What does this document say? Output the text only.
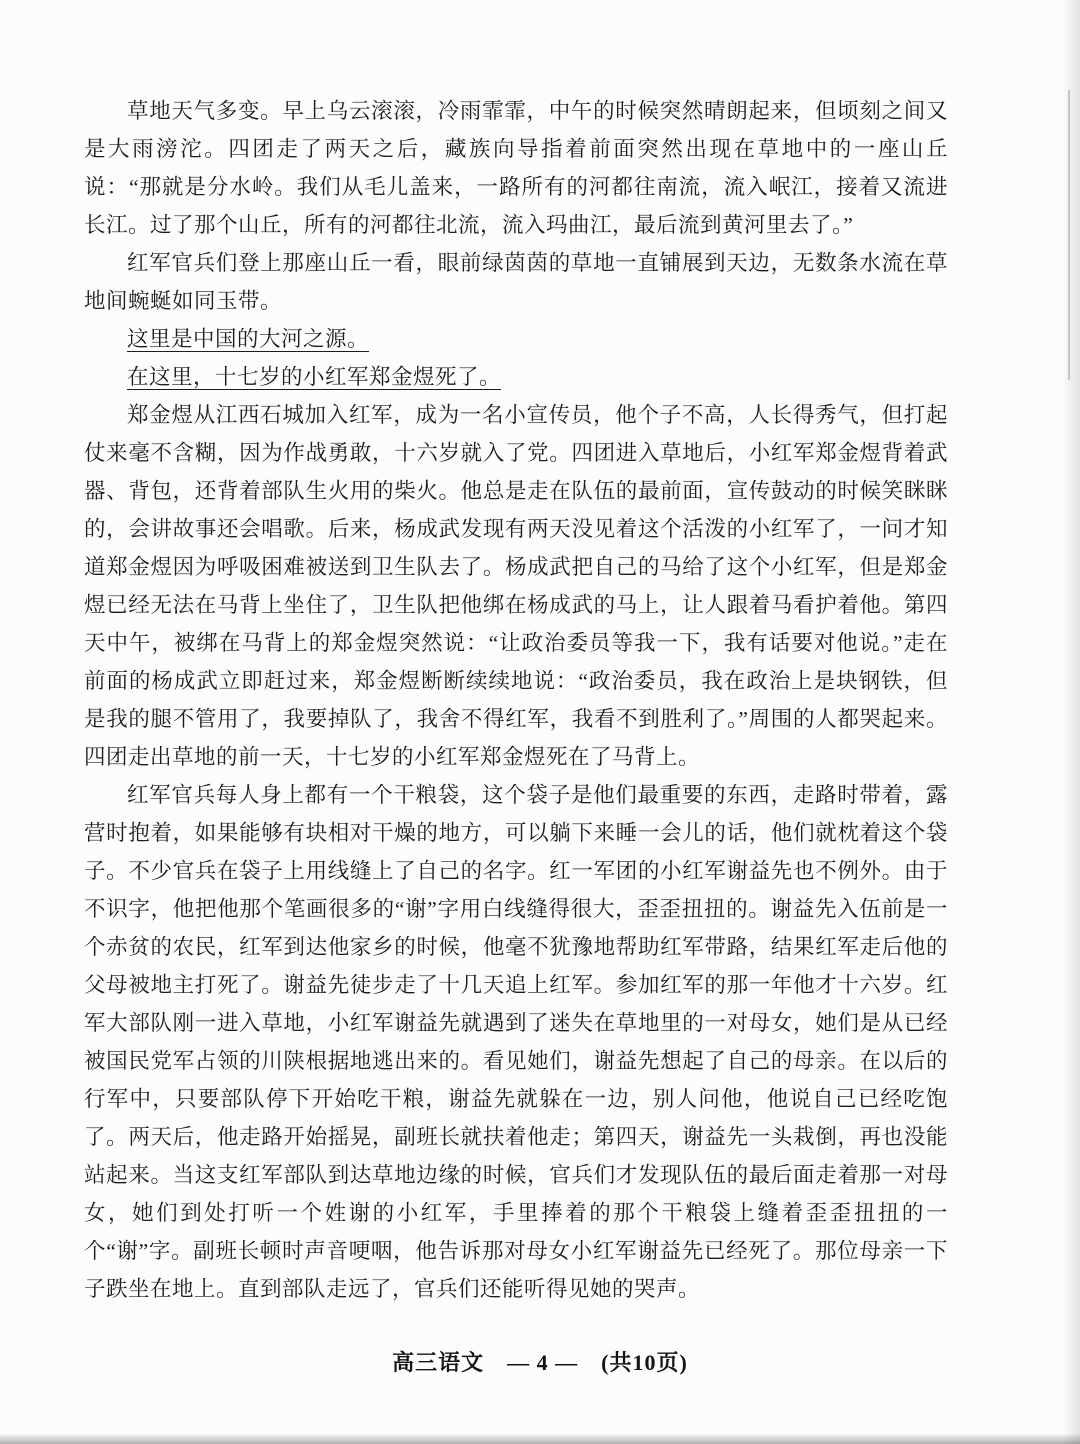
草地天气多变。早上乌云滚滚，冷雨霏霏，中午的时候突然晴朗起来，但顷刻之间又是大雨滂沱。四团走了两天之后，藏族向导指着前面突然出现在草地中的一座山丘说：“那就是分水岭。我们从毛儿盖来，一路所有的河都往南流，流入岷江，接着又流进长江。过了那个山丘，所有的河都往北流，流入玛曲江，最后流到黄河里去了。”

红军官兵们登上那座山丘一看，眼前绿茵茵的草地一直铺展到天边，无数条水流在草地间蜿蜒如同玉带。

这里是中国的大河之源。

在这里，十七岁的小红军郑金煜死了。

郑金煜从江西石城加入红军，成为一名小宣传员，他个子不高，人长得秀气，但打起仗来毫不含糊，因为作战勇敢，十六岁就入了党。四团进入草地后，小红军郑金煜背着武器、背包，还背着部队生火用的柴火。他总是走在队伍的最前面，宣传鼓动的时候笑眯眯的，会讲故事还会唱歌。后来，杨成武发现有两天没见着这个活泼的小红军了，一问才知道郑金煜因为呼吸困难被送到卫生队去了。杨成武把自己的马给了这个小红军，但是郑金煜已经无法在马背上坐住了，卫生队把他绑在杨成武的马上，让人跟着马看护着他。第四天中午，被绑在马背上的郑金煜突然说：“让政治委员等我一下，我有话要对他说。”走在前面的杨成武立即赶过来，郑金煜断断续续地说：“政治委员，我在政治上是块钢铁，但是我的腿不管用了，我要掉队了，我舍不得红军，我看不到胜利了。”周围的人都哭起来。四团走出草地的前一天，十七岁的小红军郑金煜死在了马背上。

红军官兵每人身上都有一个干粮袋，这个袋子是他们最重要的东西，走路时带着，露营时抱着，如果能够有块相对干燥的地方，可以躺下来睡一会儿的话，他们就枕着这个袋子。不少官兵在袋子上用线缝上了自己的名字。红一军团的小红军谢益先也不例外。由于不识字，他把他那个笔画很多的“谢”字用白线缝得很大，歪歪扭扭的。谢益先入伍前是一个赤贫的农民，红军到达他家乡的时候，他毫不犹豫地帮助红军带路，结果红军走后他的父母被地主打死了。谢益先徒步走了十几天追上红军。参加红军的那一年他才十六岁。红军大部队刚一进入草地，小红军谢益先就遇到了迷失在草地里的一对母女，她们是从已经被国民党军占领的川陕根据地逃出来的。看见她们，谢益先想起了自己的母亲。在以后的行军中，只要部队停下开始吃干粮，谢益先就躲在一边，别人问他，他说自己已经吃饱了。两天后，他走路开始摇晃，副班长就扶着他走；第四天，谢益先一头栽倒，再也没能站起来。当这支红军部队到达草地边缘的时候，官兵们才发现队伍的最后面走着那一对母女，她们到处打听一个姓谢的小红军，手里捧着的那个干粮袋上缝着歪歪扭扭的一个“谢”字。副班长顿时声音哽咽，他告诉那对母女小红军谢益先已经死了。那位母亲一下子跌坐在地上。直到部队走远了，官兵们还能听得见她的哭声。

高三语文　— 4 —　(共10页)
